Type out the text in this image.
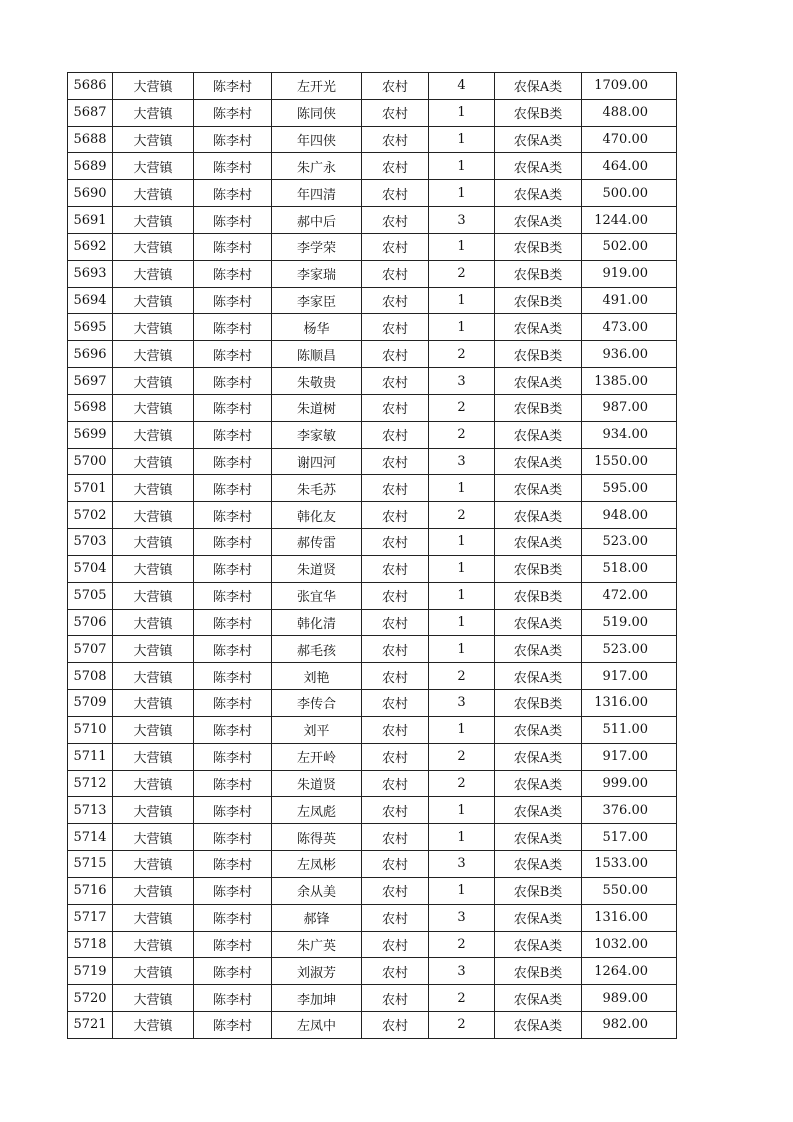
5686	大营镇	陈李村	左开光	农村	4	农保A类	1709.00
5687	大营镇	陈李村	陈同侠	农村	1	农保B类	488.00
5688	大营镇	陈李村	年四侠	农村	1	农保A类	470.00
5689	大营镇	陈李村	朱广永	农村	1	农保A类	464.00
5690	大营镇	陈李村	年四清	农村	1	农保A类	500.00
5691	大营镇	陈李村	郝中后	农村	3	农保A类	1244.00
5692	大营镇	陈李村	李学荣	农村	1	农保B类	502.00
5693	大营镇	陈李村	李家瑞	农村	2	农保B类	919.00
5694	大营镇	陈李村	李家臣	农村	1	农保B类	491.00
5695	大营镇	陈李村	杨华	农村	1	农保A类	473.00
5696	大营镇	陈李村	陈顺昌	农村	2	农保B类	936.00
5697	大营镇	陈李村	朱敬贵	农村	3	农保A类	1385.00
5698	大营镇	陈李村	朱道树	农村	2	农保B类	987.00
5699	大营镇	陈李村	李家敏	农村	2	农保A类	934.00
5700	大营镇	陈李村	谢四河	农村	3	农保A类	1550.00
5701	大营镇	陈李村	朱毛苏	农村	1	农保A类	595.00
5702	大营镇	陈李村	韩化友	农村	2	农保A类	948.00
5703	大营镇	陈李村	郝传雷	农村	1	农保A类	523.00
5704	大营镇	陈李村	朱道贤	农村	1	农保B类	518.00
5705	大营镇	陈李村	张宜华	农村	1	农保B类	472.00
5706	大营镇	陈李村	韩化清	农村	1	农保A类	519.00
5707	大营镇	陈李村	郝毛孩	农村	1	农保A类	523.00
5708	大营镇	陈李村	刘艳	农村	2	农保A类	917.00
5709	大营镇	陈李村	李传合	农村	3	农保B类	1316.00
5710	大营镇	陈李村	刘平	农村	1	农保A类	511.00
5711	大营镇	陈李村	左开岭	农村	2	农保A类	917.00
5712	大营镇	陈李村	朱道贤	农村	2	农保A类	999.00
5713	大营镇	陈李村	左凤彪	农村	1	农保A类	376.00
5714	大营镇	陈李村	陈得英	农村	1	农保A类	517.00
5715	大营镇	陈李村	左凤彬	农村	3	农保A类	1533.00
5716	大营镇	陈李村	余从美	农村	1	农保B类	550.00
5717	大营镇	陈李村	郝锋	农村	3	农保A类	1316.00
5718	大营镇	陈李村	朱广英	农村	2	农保A类	1032.00
5719	大营镇	陈李村	刘淑芳	农村	3	农保B类	1264.00
5720	大营镇	陈李村	李加坤	农村	2	农保A类	989.00
5721	大营镇	陈李村	左凤中	农村	2	农保A类	982.00
